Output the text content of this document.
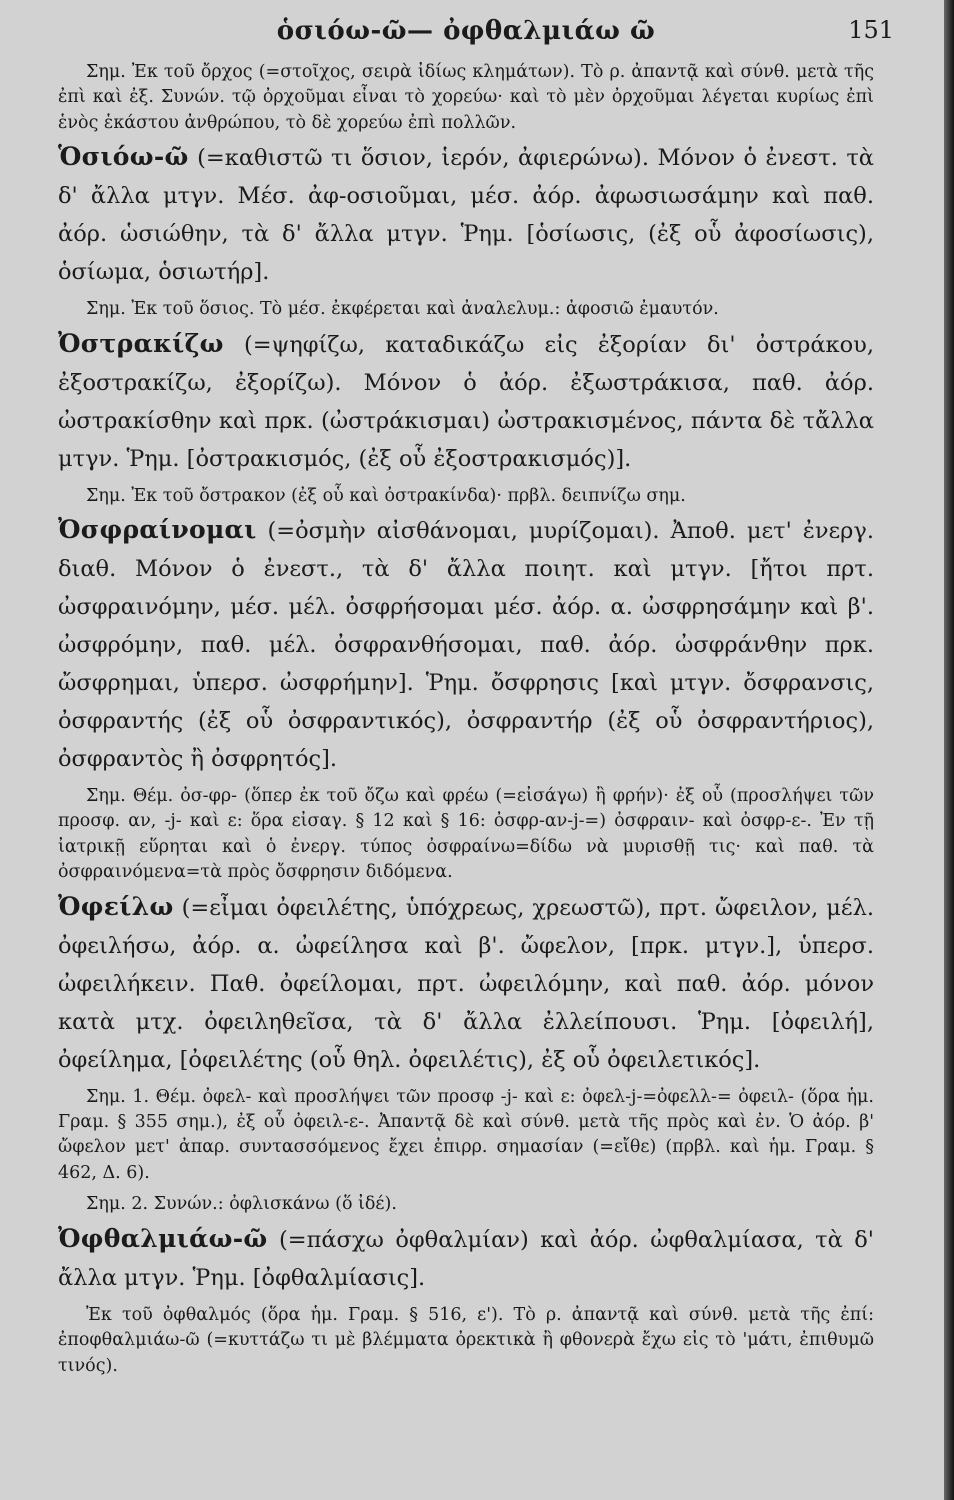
ὁσιόω-ῶ— ὀφθαλμιάω ῶ	151
Σημ. Ἐκ τοῦ ὄρχος (=στοῖχος, σειρὰ ἰδίως κλημάτων). Τὸ ρ. ἀπαντᾷ καὶ σύνθ. μετὰ τῆς ἐπὶ καὶ ἐξ. Συνών. τῷ ὀρχοῦμαι εἶναι τὸ χορεύω· καὶ τὸ μὲν ὀρχοῦμαι λέγεται κυρίως ἐπὶ ἑνὸς ἑκάστου ἀνθρώπου, τὸ δὲ χορεύω ἐπὶ πολλῶν.
Ὁσιόω-ῶ (=καθιστῶ τι ὅσιον, ἱερόν, ἀφιερώνω). Μόνον ὁ ἐνεστ. τὰ δ' ἄλλα μτγν. Μέσ. ἀφ-οσιοῦμαι, μέσ. ἀόρ. ἀφωσιωσάμην καὶ παθ. ἀόρ. ὡσιώθην, τὰ δ' ἄλλα μτγν. Ῥημ. [ὁσίωσις, (ἐξ οὗ ἀφοσίωσις), ὁσίωμα, ὁσιωτήρ].
Σημ. Ἐκ τοῦ ὅσιος. Τὸ μέσ. ἐκφέρεται καὶ ἀναλελυμ.: ἀφοσιῶ ἐμαυτόν.
Ὀστρακίζω (=ψηφίζω, καταδικάζω εἰς ἐξορίαν δι' ὀστράκου, ἐξοστρακίζω, ἐξορίζω). Μόνον ὁ ἀόρ. ἐξωστράκισα, παθ. ἀόρ. ὠστρακίσθην καὶ πρκ. (ὠστράκισμαι) ὠστρακισμένος, πάντα δὲ τἄλλα μτγν. Ῥημ. [ὀστρακισμός, (ἐξ οὗ ἐξοστρακισμός)].
Σημ. Ἐκ τοῦ ὄστρακον (ἐξ οὗ καὶ ὀστρακίνδα)· πρβλ. δειπνίζω σημ.
Ὀσφραίνομαι (=ὀσμὴν αἰσθάνομαι, μυρίζομαι). Ἀποθ. μετ' ἐνεργ. διαθ. Μόνον ὁ ἐνεστ., τὰ δ' ἄλλα ποιητ. καὶ μτγν. [ἤτοι πρτ. ὠσφραινόμην, μέσ. μέλ. ὀσφρήσομαι μέσ. ἀόρ. α. ὠσφρησάμην καὶ β'. ὠσφρόμην, παθ. μέλ. ὀσφρανθήσομαι, παθ. ἀόρ. ὠσφράνθην πρκ. ὤσφρημαι, ὑπερσ. ὠσφρήμην]. Ῥημ. ὄσφρησις [καὶ μτγν. ὄσφρανσις, ὀσφραντής (ἐξ οὗ ὀσφραντικός), ὀσφραντήρ (ἐξ οὗ ὀσφραντήριος), ὀσφραντὸς ἢ ὀσφρητός].
Σημ. Θέμ. ὀσ-φρ- (ὅπερ ἐκ τοῦ ὄζω καὶ φρέω (=εἰσάγω) ἢ φρήν)· ἐξ οὗ (προσλήψει τῶν προσφ. αν, -j- καὶ ε: ὅρα εἰσαγ. § 12 καὶ § 16: ὀσφρ-αν-j-=) ὀσφραιν- καὶ ὀσφρ-ε-. Ἐν τῇ ἰατρικῇ εὕρηται καὶ ὁ ἐνεργ. τύπος ὀσφραίνω=δίδω νὰ μυρισθῇ τις· καὶ παθ. τὰ ὀσφραινόμενα=τὰ πρὸς ὄσφρησιν διδόμενα.
Ὀφείλω (=εἶμαι ὀφειλέτης, ὑπόχρεως, χρεωστῶ), πρτ. ὤφειλον, μέλ. ὀφειλήσω, ἀόρ. α. ὠφείλησα καὶ β'. ὤφελον, [πρκ. μτγν.], ὑπερσ. ὠφειλήκειν. Παθ. ὀφείλομαι, πρτ. ὠφειλόμην, καὶ παθ. ἀόρ. μόνον κατὰ μτχ. ὀφειληθεῖσα, τὰ δ' ἄλλα ἐλλείπουσι. Ῥημ. [ὀφειλή], ὀφείλημα, [ὀφειλέτης (οὗ θηλ. ὀφειλέτις), ἐξ οὗ ὀφειλετικός].
Σημ. 1. Θέμ. ὀφελ- καὶ προσλήψει τῶν προσφ -j- καὶ ε: ὀφελ-j-=ὀφελλ-= ὀφειλ- (ὅρα ἡμ. Γραμ. § 355 σημ.), ἐξ οὗ ὀφειλ-ε-. Ἀπαντᾷ δὲ καὶ σύνθ. μετὰ τῆς πρὸς καὶ ἐν. Ὁ ἀόρ. β' ὤφελον μετ' ἀπαρ. συντασσόμενος ἔχει ἐπιρρ. σημασίαν (=εἴθε) (πρβλ. καὶ ἡμ. Γραμ. § 462, Δ. 6).
Σημ. 2. Συνών.: ὀφλισκάνω (ὅ ἰδέ).
Ὀφθαλμιάω-ῶ (=πάσχω ὀφθαλμίαν) καὶ ἀόρ. ὠφθαλμίασα, τὰ δ' ἄλλα μτγν. Ῥημ. [ὀφθαλμίασις].
Ἐκ τοῦ ὀφθαλμός (ὅρα ἡμ. Γραμ. § 516, ε'). Τὸ ρ. ἀπαντᾷ καὶ σύνθ. μετὰ τῆς ἐπί: ἐποφθαλμιάω-ῶ (=κυττάζω τι μὲ βλέμματα ὀρεκτικὰ ἢ φθονερὰ ἔχω εἰς τὸ 'μάτι, ἐπιθυμῶ τινός).
